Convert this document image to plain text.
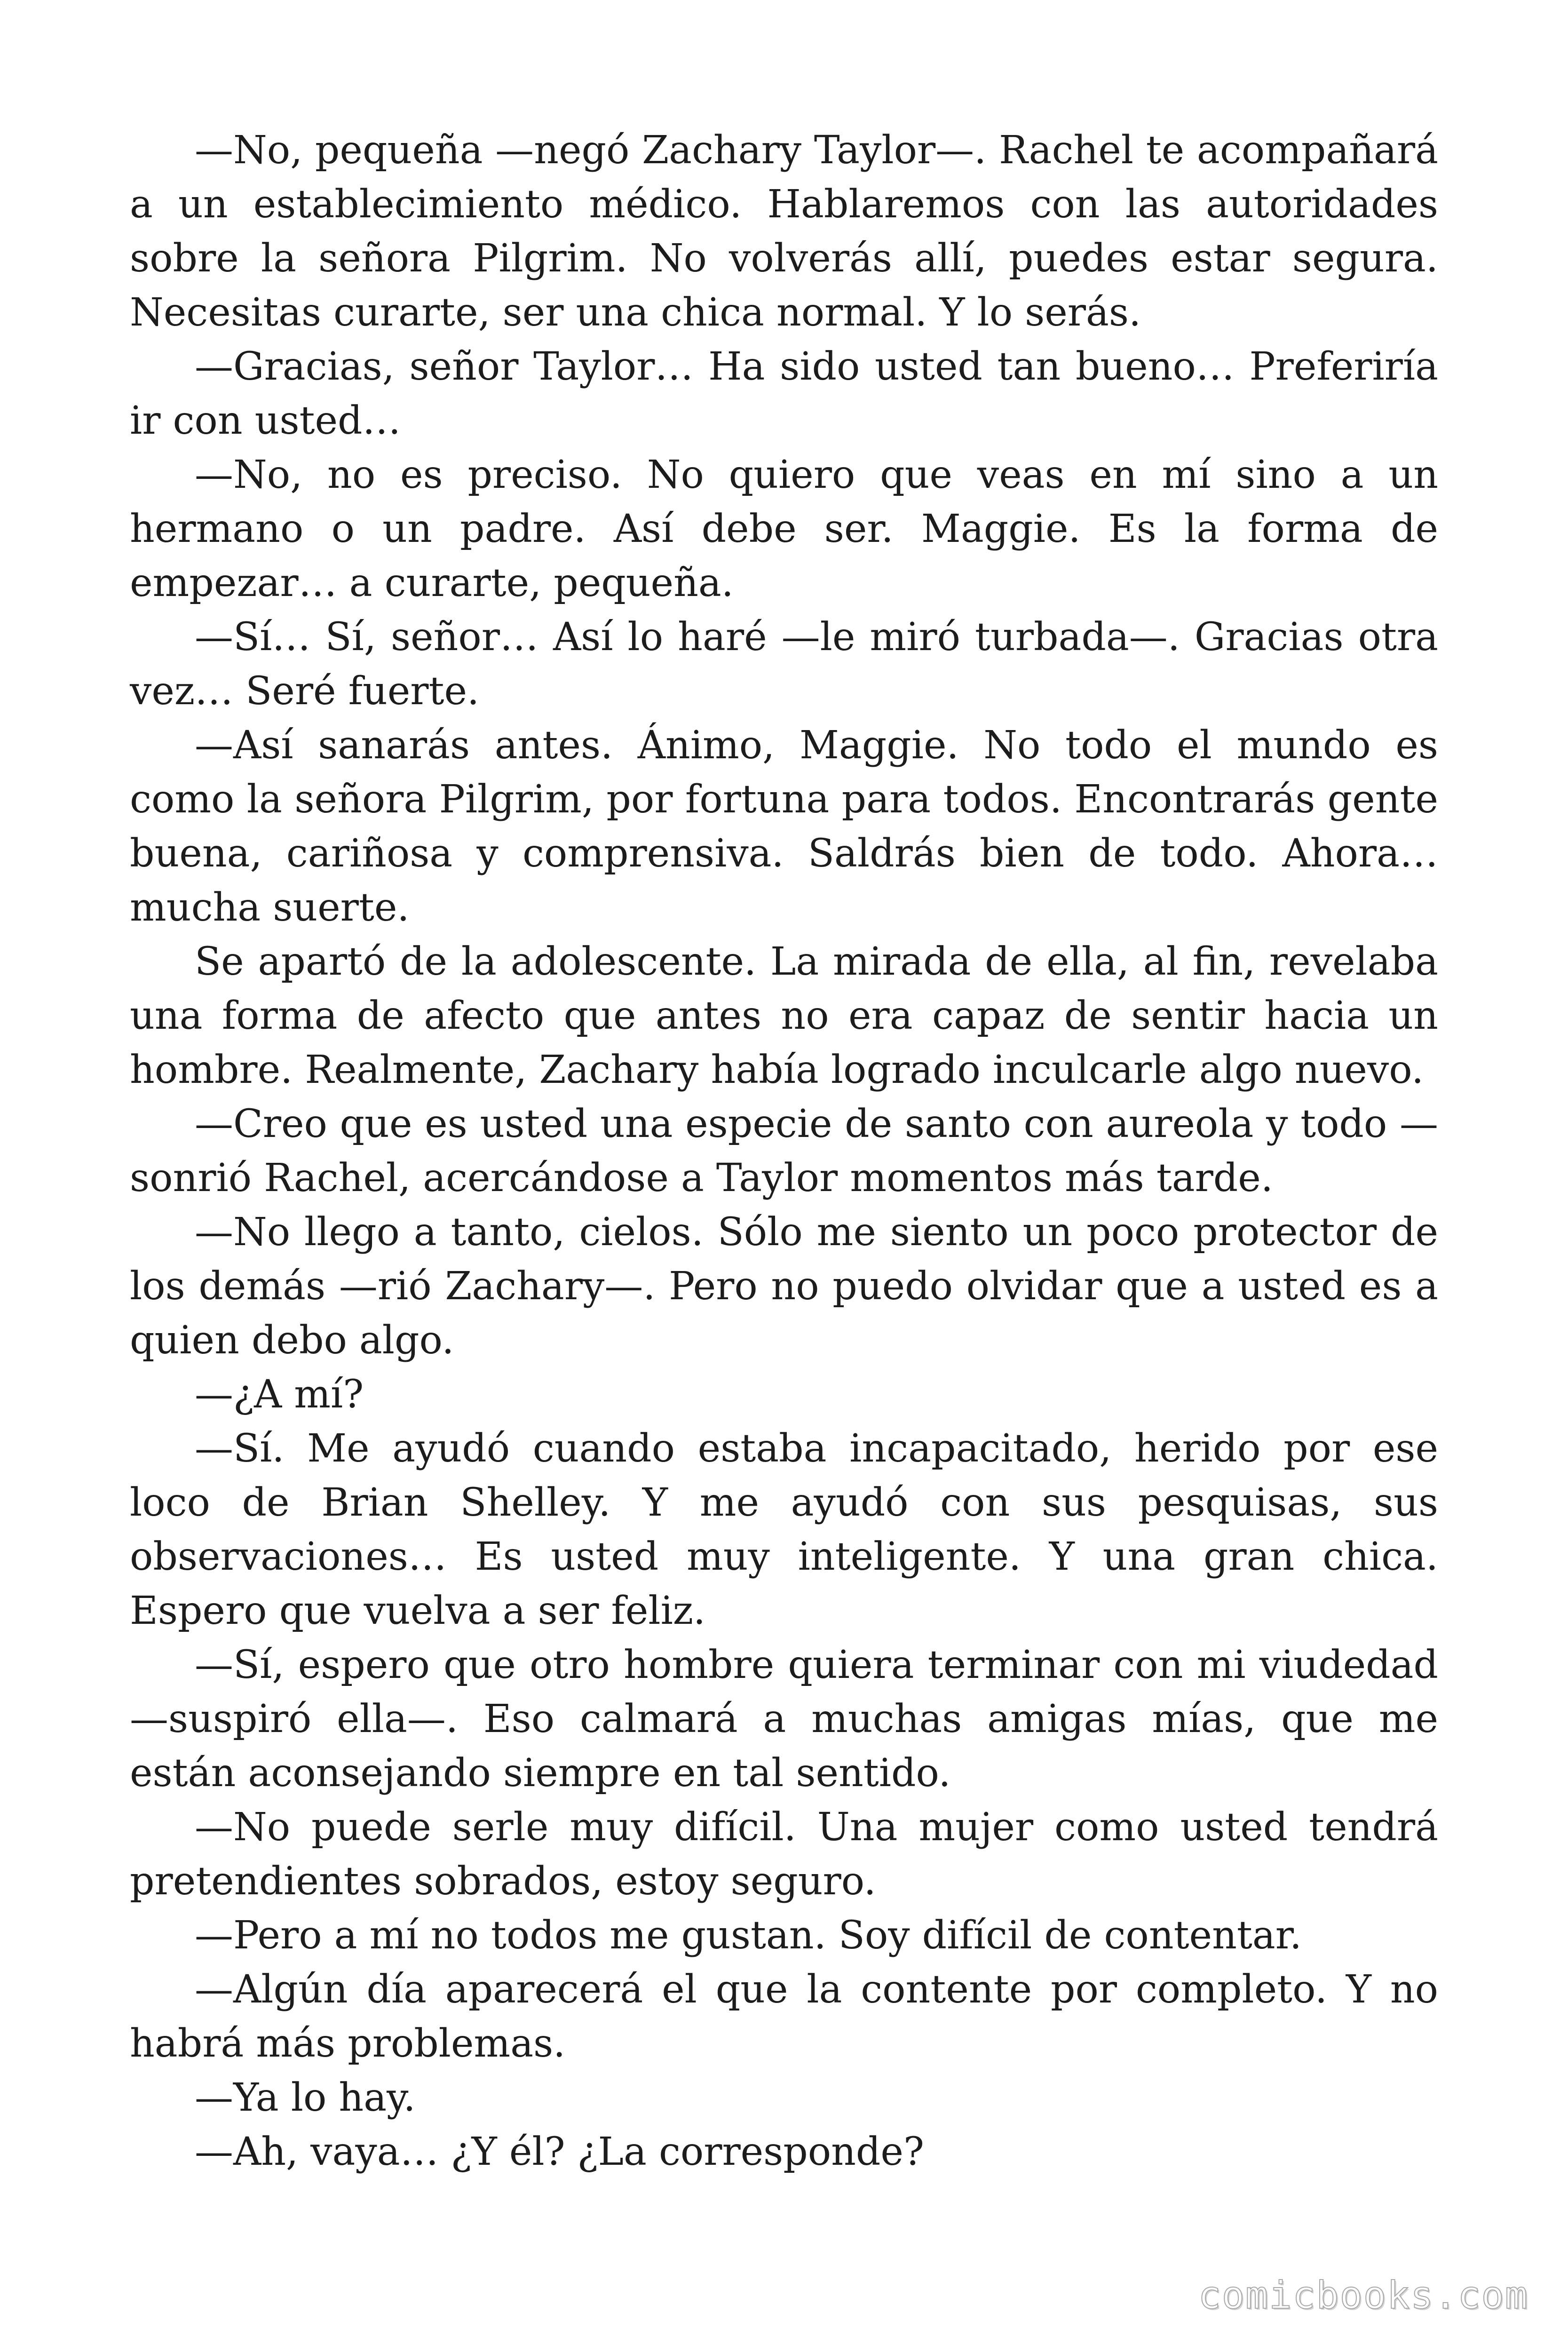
—No, pequeña —negó Zachary Taylor—. Rachel te acompañará a un establecimiento médico. Hablaremos con las autoridades sobre la señora Pilgrim. No volverás allí, puedes estar segura. Necesitas curarte, ser una chica normal. Y lo serás.

—Gracias, señor Taylor… Ha sido usted tan bueno… Preferiría ir con usted…

—No, no es preciso. No quiero que veas en mí sino a un hermano o un padre. Así debe ser. Maggie. Es la forma de empezar… a curarte, pequeña.

—Sí… Sí, señor… Así lo haré —le miró turbada—. Gracias otra vez… Seré fuerte.

—Así sanarás antes. Ánimo, Maggie. No todo el mundo es como la señora Pilgrim, por fortuna para todos. Encontrarás gente buena, cariñosa y comprensiva. Saldrás bien de todo. Ahora… mucha suerte.

Se apartó de la adolescente. La mirada de ella, al fin, revelaba una forma de afecto que antes no era capaz de sentir hacia un hombre. Realmente, Zachary había logrado inculcarle algo nuevo.

—Creo que es usted una especie de santo con aureola y todo —sonrió Rachel, acercándose a Taylor momentos más tarde.

—No llego a tanto, cielos. Sólo me siento un poco protector de los demás —rió Zachary—. Pero no puedo olvidar que a usted es a quien debo algo.

—¿A mí?

—Sí. Me ayudó cuando estaba incapacitado, herido por ese loco de Brian Shelley. Y me ayudó con sus pesquisas, sus observaciones… Es usted muy inteligente. Y una gran chica. Espero que vuelva a ser feliz.

—Sí, espero que otro hombre quiera terminar con mi viudedad —suspiró ella—. Eso calmará a muchas amigas mías, que me están aconsejando siempre en tal sentido.

—No puede serle muy difícil. Una mujer como usted tendrá pretendientes sobrados, estoy seguro.

—Pero a mí no todos me gustan. Soy difícil de contentar.

—Algún día aparecerá el que la contente por completo. Y no habrá más problemas.

—Ya lo hay.

—Ah, vaya… ¿Y él? ¿La corresponde?

comicbooks.com
